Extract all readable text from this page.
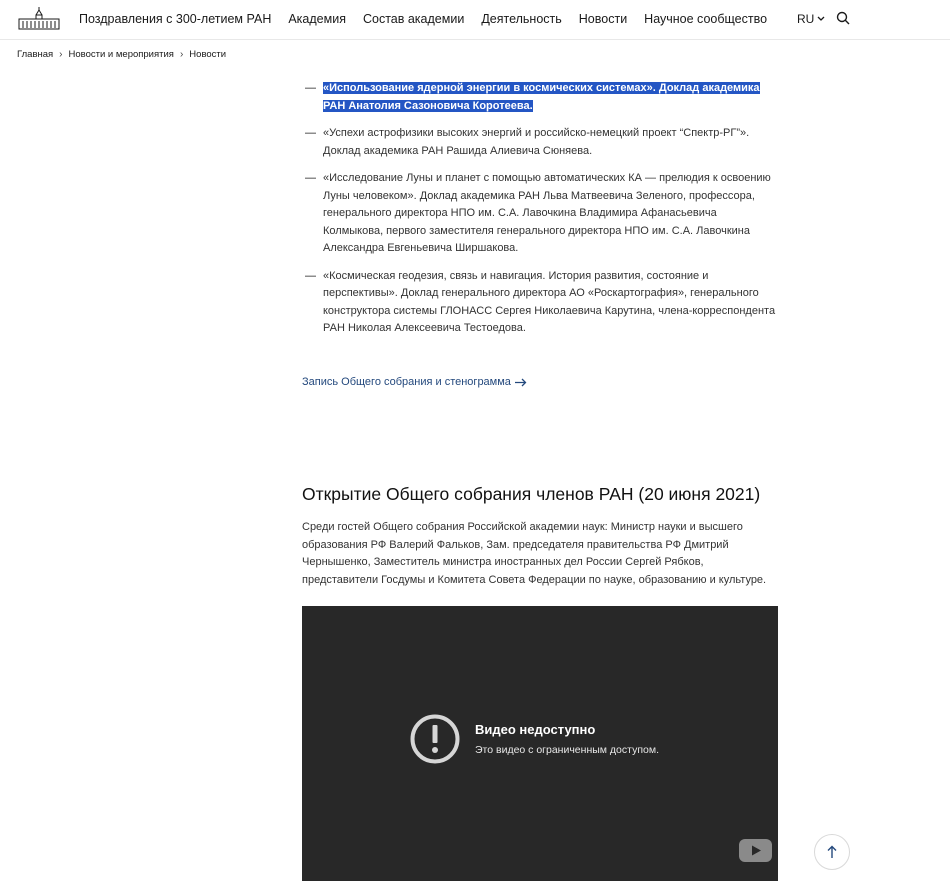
Поздравления с 300-летием РАН Академия Состав академии Деятельность Новости Научное сообщество RU
Главная › Новости и мероприятия › Новости
— «Использование ядерной энергии в космических системах». Доклад академика РАН Анатолия Сазоновича Коротеева.
— «Успехи астрофизики высоких энергий и российско-немецкий проект “Спектр-РГ”». Доклад академика РАН Рашида Алиевича Сюняева.
— «Исследование Луны и планет с помощью автоматических КА — прелюдия к освоению Луны человеком». Доклад академика РАН Льва Матвеевича Зеленого, профессора, генерального директора НПО им. С.А. Лавочкина Владимира Афанасьевича Колмыкова, первого заместителя генерального директора НПО им. С.А. Лавочкина Александра Евгеньевича Ширшакова.
— «Космическая геодезия, связь и навигация. История развития, состояние и перспективы». Доклад генерального директора АО «Роскартография», генерального конструктора системы ГЛОНАСС Сергея Николаевича Карутина, члена-корреспондента РАН Николая Алексеевича Тестоедова.
Запись Общего собрания и стенограмма
Открытие Общего собрания членов РАН (20 июня 2021)

Среди гостей Общего собрания Российской академии наук: Министр науки и высшего образования РФ Валерий Фальков, Зам. председателя правительства РФ Дмитрий Чернышенко, Заместитель министра иностранных дел России Сергей Рябков, представители Госдумы и Комитета Совета Федерации по науке, образованию и культуре.

Видео недоступно
Это видео с ограниченным доступом.
